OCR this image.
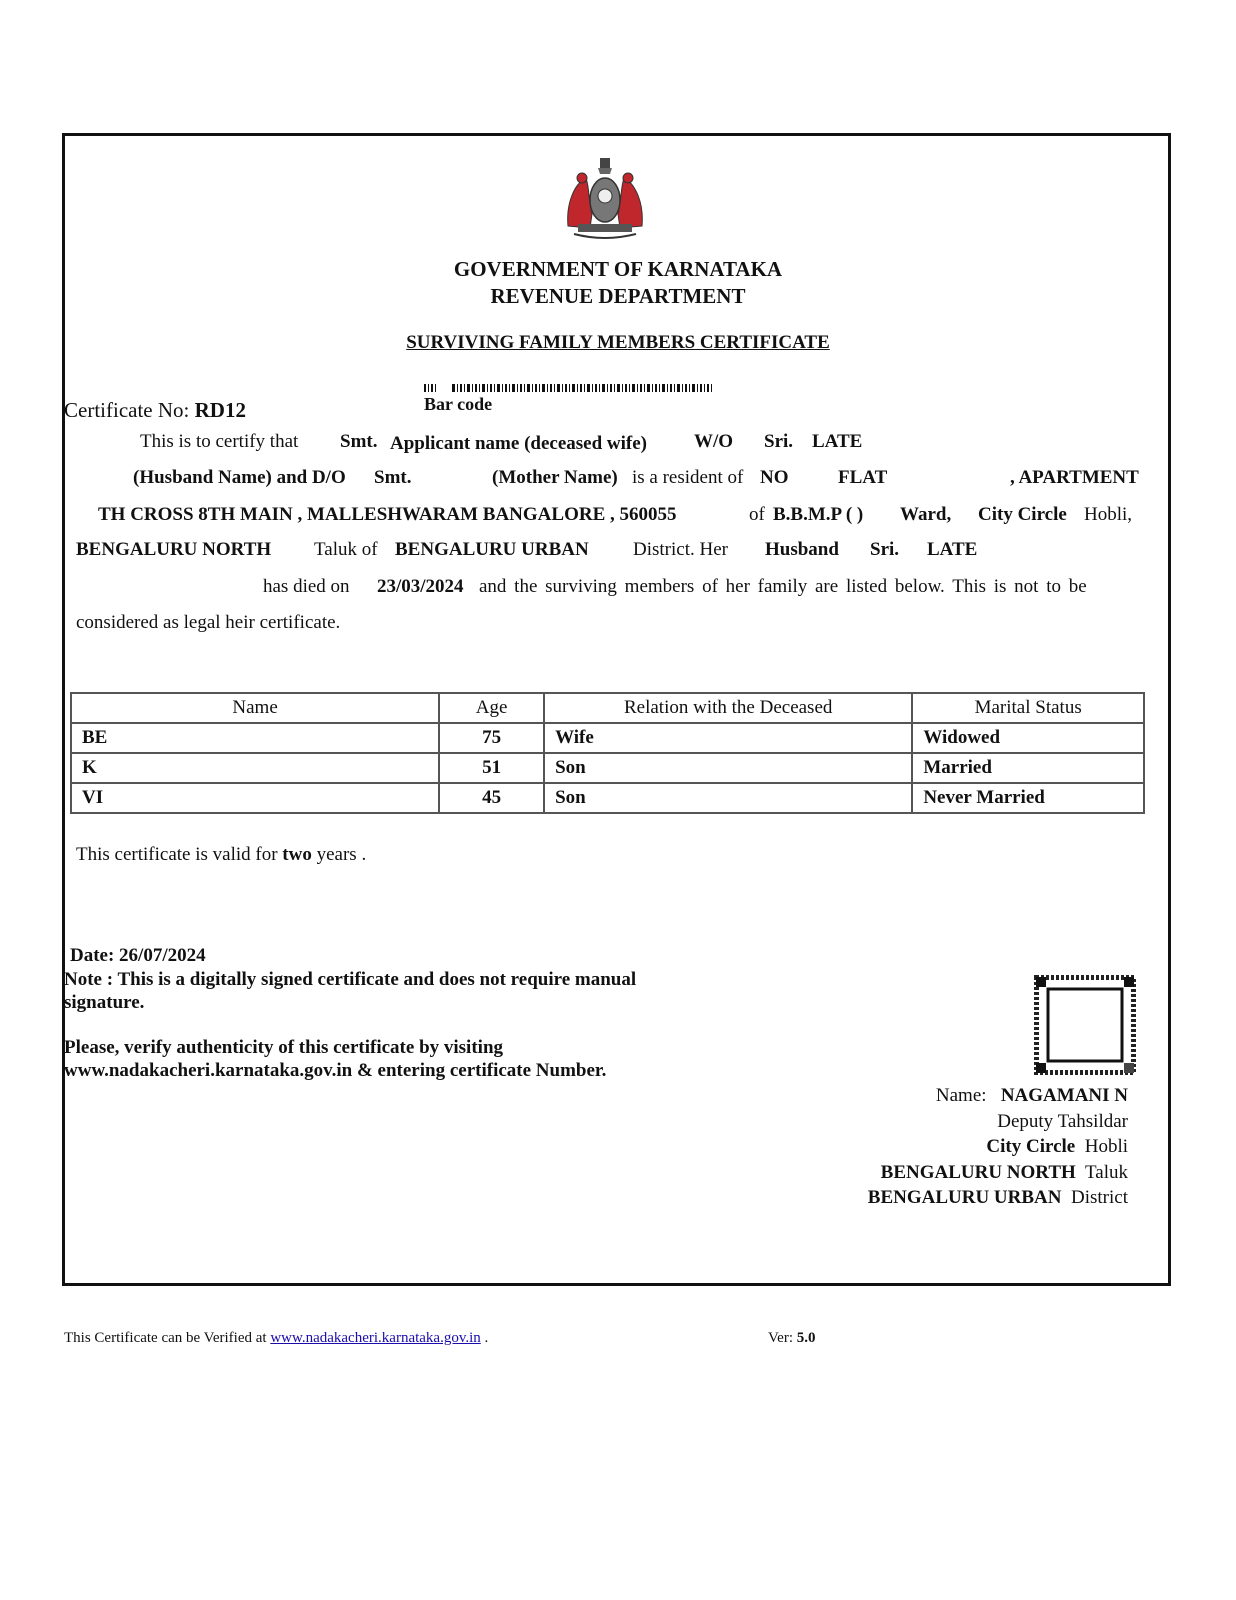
GOVERNMENT OF KARNATAKA
REVENUE DEPARTMENT
SURVIVING FAMILY MEMBERS CERTIFICATE
Bar code
Certificate No: RD12
This is to certify that Smt. Applicant name (deceased wife) W/O Sri. LATE
(Husband Name) and D/O Smt.	(Mother Name) is a resident of NO	FLAT	, APARTMENT
TH CROSS 8TH MAIN , MALLESHWARAM BANGALORE , 560055	of B.B.M.P ( ) Ward, City Circle Hobli,
BENGALURU NORTH Taluk of BENGALURU URBAN District. Her Husband Sri. LATE
has died on 23/03/2024 and the surviving members of her family are listed below. This is not to be
considered as legal heir certificate.
Name	Age	Relation with the Deceased	Marital Status
BE	75	Wife	Widowed
K	51	Son	Married
VI	45	Son	Never Married
This certificate is valid for two years .
Date: 26/07/2024
Note : This is a digitally signed certificate and does not require manual
signature.
Please, verify authenticity of this certificate by visiting
www.nadakacheri.karnataka.gov.in & entering certificate Number.
Name: NAGAMANI N
Deputy Tahsildar
City Circle Hobli
BENGALURU NORTH Taluk
BENGALURU URBAN District
This Certificate can be Verified at www.nadakacheri.karnataka.gov.in .	Ver: 5.0
